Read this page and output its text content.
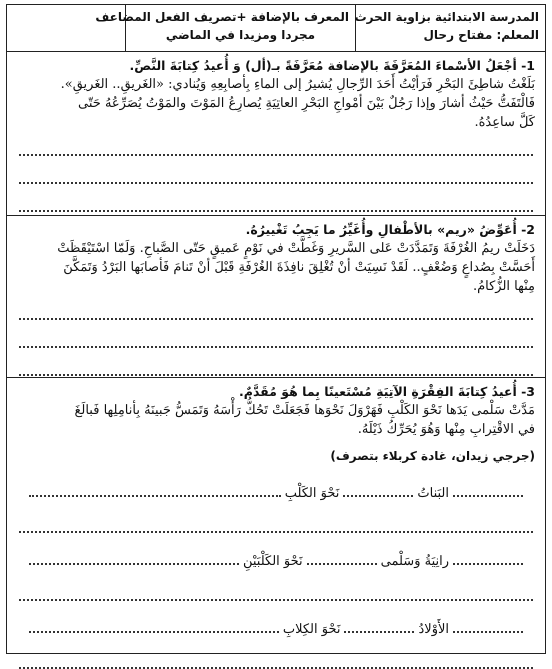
المدرسة الابتدائية بزاوية الحرث
المعلم: مفتاح رحال
المعرف بالإضافة +تصريف الفعل المضاعف
مجردا ومزيدا في الماضي
1- أجْعَلُ الأسْماءَ المُعَرَّفَةَ بالإضافة مُعَرَّفَةً بـ(أل) وَ أُعيدُ كِتابَةَ النَّصِّ.
بَلَغْتُ شاطِئَ البَحْرِ فَرَأيْتُ أَحَدَ الرِّجالِ يُشيرُ إلى الماءِ بِأصابِعِهِ وَيُنادي: «الغَريقِ.. الغَريقِ».
فَالْتَفَتُّ حَيْثُ أشارَ وإذا رَجُلٌ بَيْنَ أمْواجِ البَحْرِ العاتِيَةِ يُصارِعُ المَوْتَ والمَوْتُ يُصَرِّعُهُ حَتّى
كَلَّ ساعِدُهُ.
2- أُعَوِّضُ «ريم» بالأطْفالِ وأُغَيِّرُ ما يَجِبُ تَغْييرُهُ.
دَخَلَتْ ريمُ الغُرْفَةَ وَتَمَدَّدَتْ عَلى السَّريرِ وَغَطَّتْ في نَوْمٍ عَميقٍ حَتّى الصَّباحِ. وَلَمّا اسْتَيْقَظَتْ
أَحَسَّتْ بِصُداعٍ وَضُعْفٍ.. لَقَدْ نَسِيَتْ أنْ تُغْلِقَ نافِذَةَ الغُرْفَةِ قَبْلَ أنْ تَنامَ فَأصابَها البَرْدُ وَتَمَكَّنَ
مِنْها الزُّكامُ.
3- أُعيدُ كِتابَةَ الفِقْرَةِ الآتِيَةِ مُسْتَعينًا بِما هُوَ مُقَدَّمٌ.
مَدَّتْ سَلْمى يَدَها نَحْوَ الكَلْبِ فَهَرْوَلَ نَحْوَها فَجَعَلَتْ تَحُكُّ رَأْسَهُ وَتَمَسُّ جَبينَهُ بِأنامِلِها فَبالَغَ
في الاقْتِرابِ مِنْها وَهُوَ يُحَرِّكُ ذَيْلَهُ.
(جرجي زيدان، غادة كربلاء بتصرف)
البَناتُ
نَحْوَ الكَلْبِ
رانِيَةُ وَسَلْمى
نَحْوَ الكَلْبَيْنِ
الأَوْلادُ
نَحْوَ الكِلابِ
